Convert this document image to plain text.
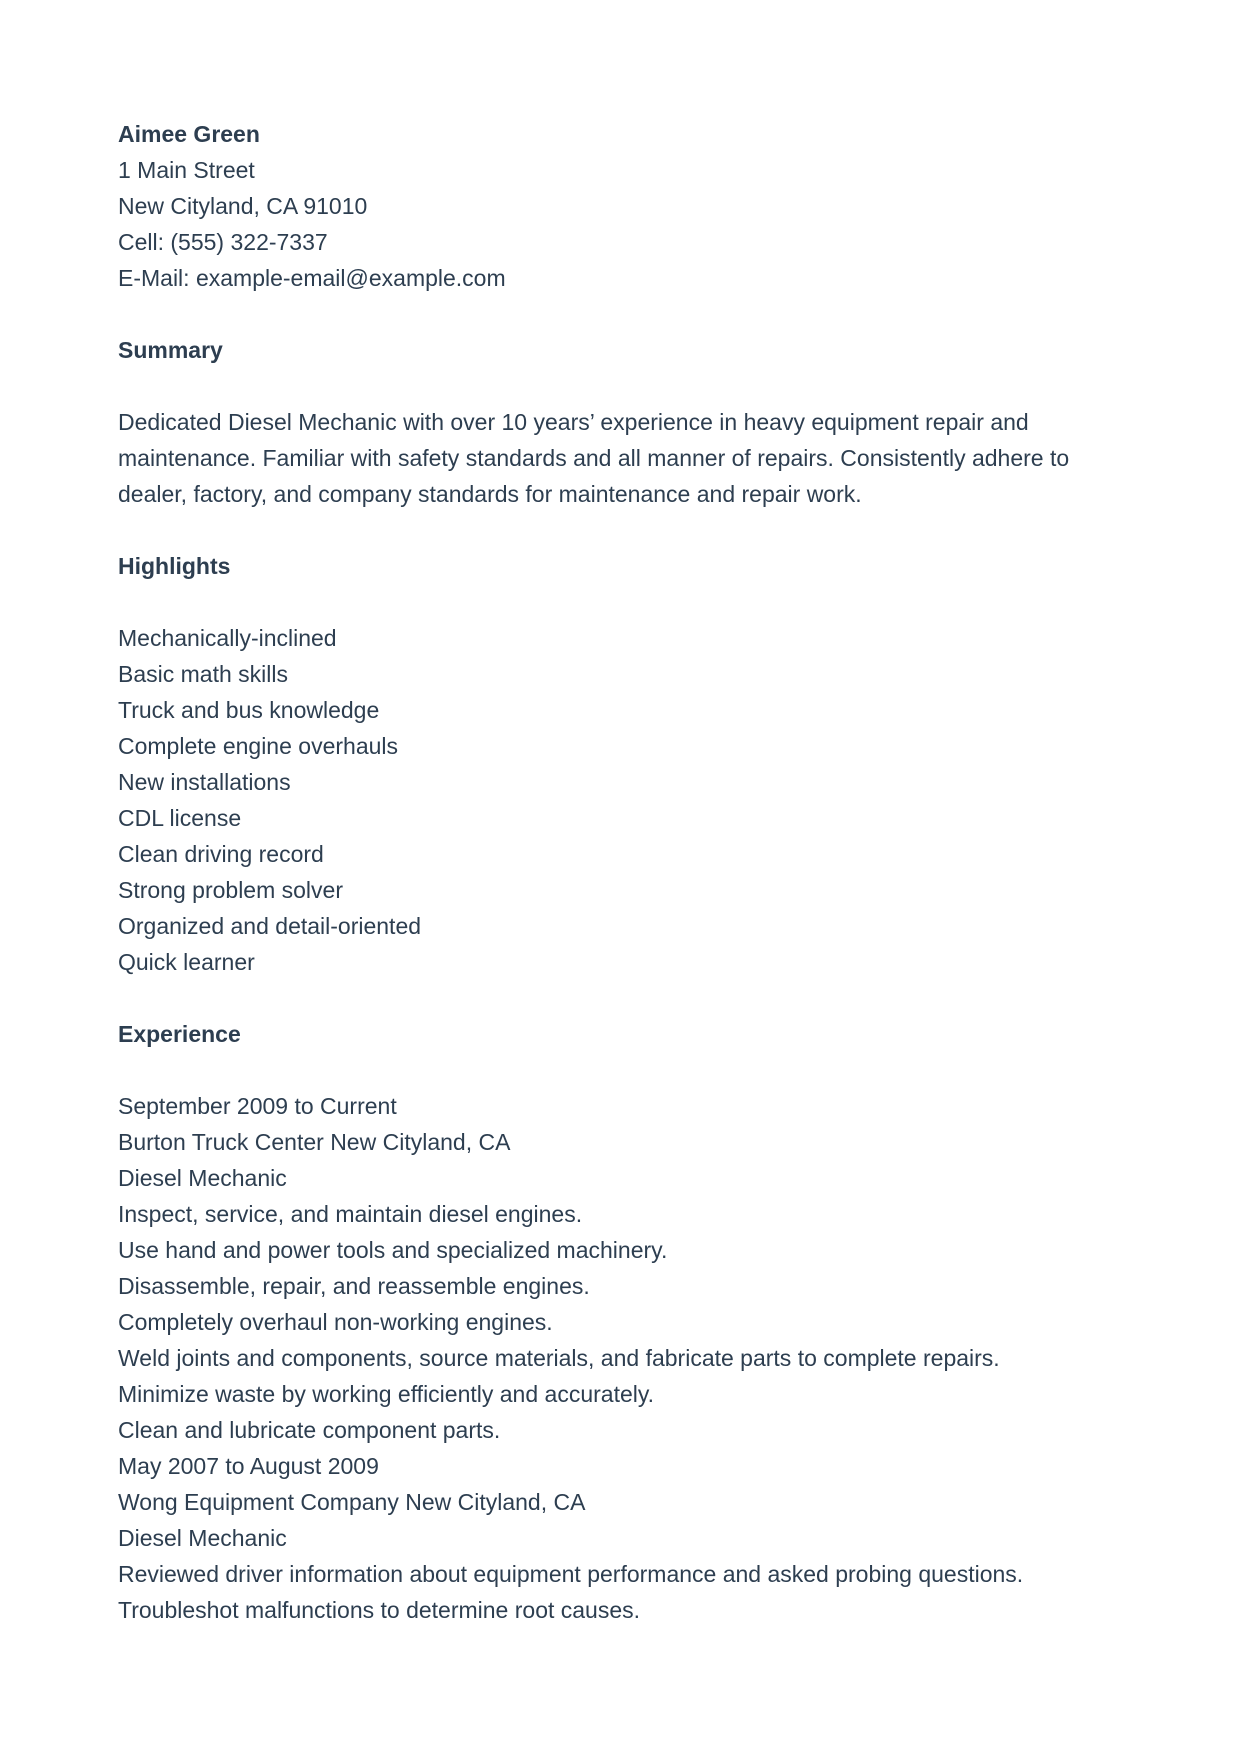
Aimee Green
1 Main Street
New Cityland, CA 91010
Cell: (555) 322-7337
E-Mail: example-email@example.com
Summary
Dedicated Diesel Mechanic with over 10 years’ experience in heavy equipment repair and
maintenance. Familiar with safety standards and all manner of repairs. Consistently adhere to
dealer, factory, and company standards for maintenance and repair work.
Highlights
Mechanically-inclined
Basic math skills
Truck and bus knowledge
Complete engine overhauls
New installations
CDL license
Clean driving record
Strong problem solver
Organized and detail-oriented
Quick learner
Experience
September 2009 to Current
Burton Truck Center New Cityland, CA
Diesel Mechanic
Inspect, service, and maintain diesel engines.
Use hand and power tools and specialized machinery.
Disassemble, repair, and reassemble engines.
Completely overhaul non-working engines.
Weld joints and components, source materials, and fabricate parts to complete repairs.
Minimize waste by working efficiently and accurately.
Clean and lubricate component parts.
May 2007 to August 2009
Wong Equipment Company New Cityland, CA
Diesel Mechanic
Reviewed driver information about equipment performance and asked probing questions.
Troubleshot malfunctions to determine root causes.
